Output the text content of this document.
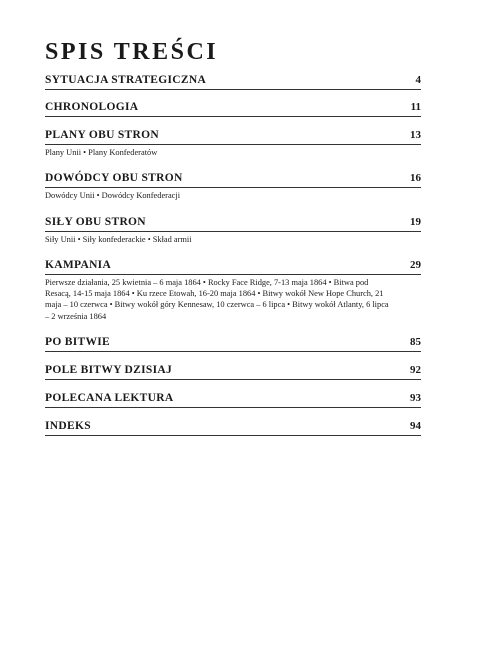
SPIS TREŚCI
SYTUACJA STRATEGICZNA	4
CHRONOLOGIA	11
PLANY OBU STRON	13
Plany Unii • Plany Konfederatów
DOWÓDCY OBU STRON	16
Dowódcy Unii • Dowódcy Konfederacji
SIŁY OBU STRON	19
Siły Unii • Siły konfederackie • Skład armii
KAMPANIA	29
Pierwsze działania, 25 kwietnia – 6 maja 1864 • Rocky Face Ridge, 7-13 maja 1864 • Bitwa pod Resacą, 14-15 maja 1864 • Ku rzece Etowah, 16-20 maja 1864 • Bitwy wokół New Hope Church, 21 maja – 10 czerwca • Bitwy wokół góry Kennesaw, 10 czerwca – 6 lipca • Bitwy wokół Atlanty, 6 lipca – 2 września 1864
PO BITWIE	85
POLE BITWY DZISIAJ	92
POLECANA LEKTURA	93
INDEKS	94
